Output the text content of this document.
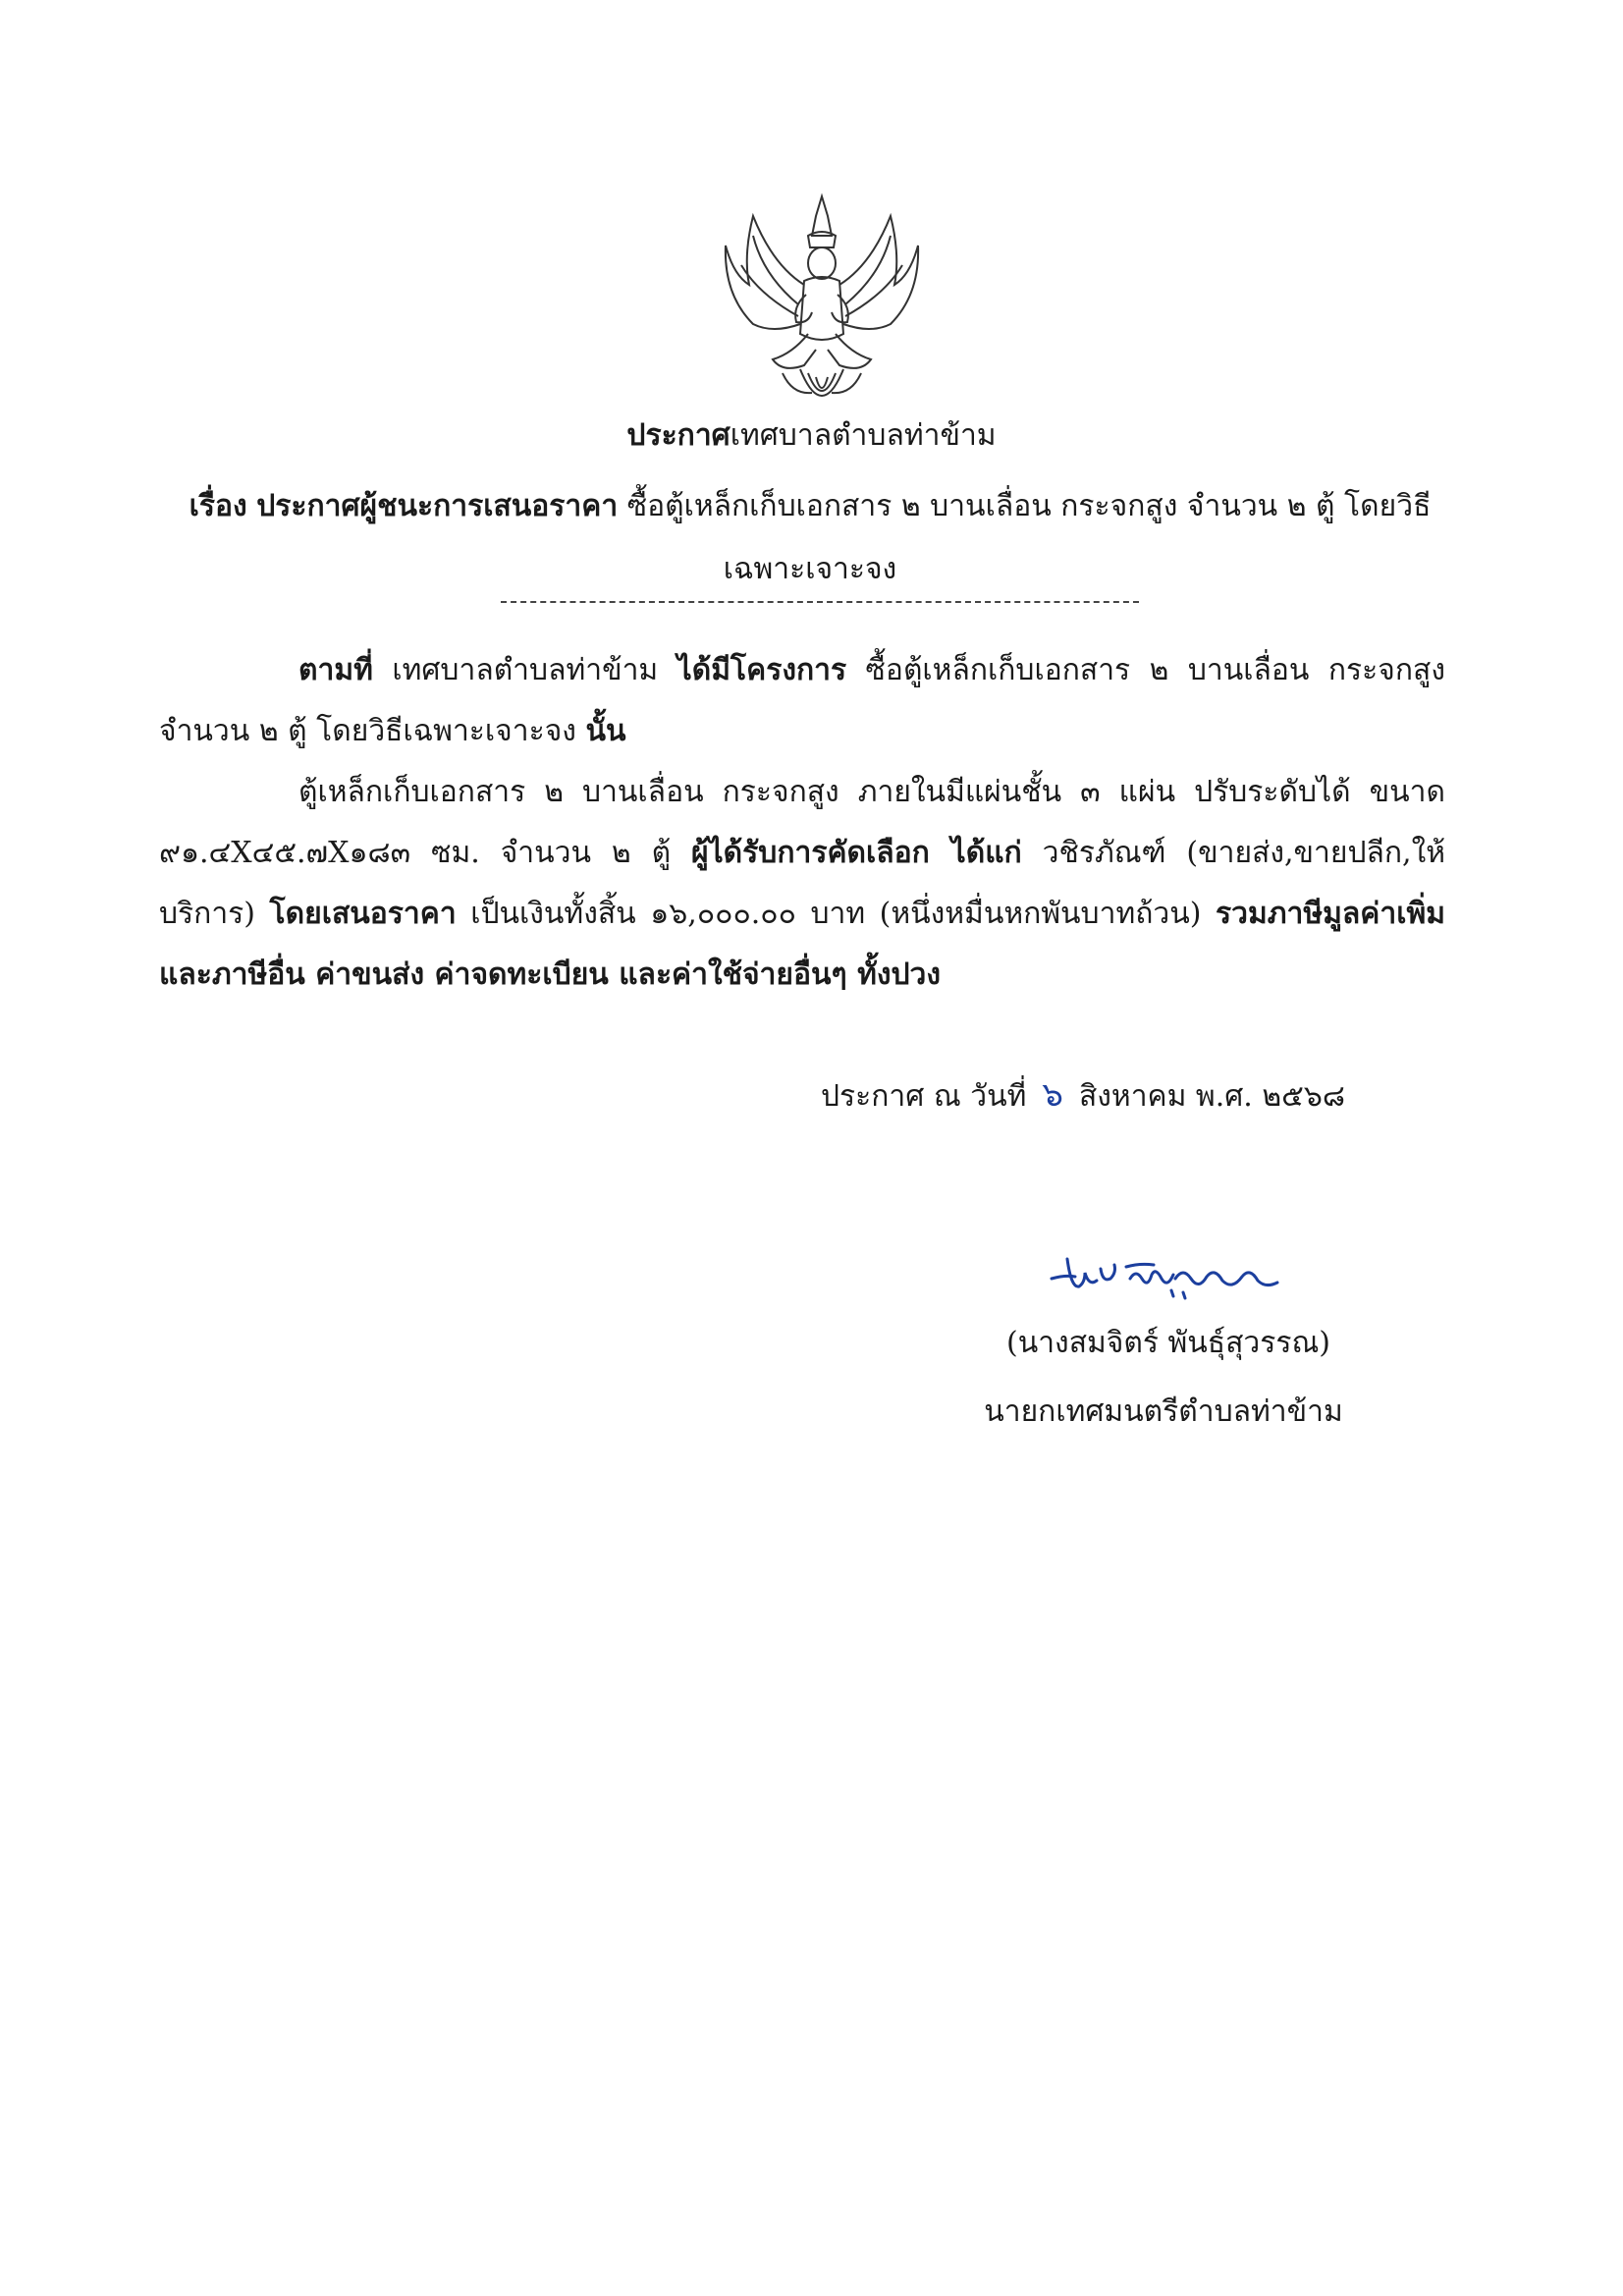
ประกาศเทศบาลตำบลท่าข้าม
เรื่อง ประกาศผู้ชนะการเสนอราคา ซื้อตู้เหล็กเก็บเอกสาร ๒ บานเลื่อน กระจกสูง จำนวน ๒ ตู้ โดยวิธีเฉพาะเจาะจง

ตามที่ เทศบาลตำบลท่าข้าม ได้มีโครงการ ซื้อตู้เหล็กเก็บเอกสาร ๒ บานเลื่อน กระจกสูง จำนวน ๒ ตู้ โดยวิธีเฉพาะเจาะจง นั้น

ตู้เหล็กเก็บเอกสาร ๒ บานเลื่อน กระจกสูง ภายในมีแผ่นชั้น ๓ แผ่น ปรับระดับได้ ขนาด ๙๑.๔X๔๕.๗X๑๘๓ ซม. จำนวน ๒ ตู้ ผู้ได้รับการคัดเลือก ได้แก่ วชิรภัณฑ์ (ขายส่ง,ขายปลีก,ให้บริการ) โดยเสนอราคา เป็นเงินทั้งสิ้น ๑๖,๐๐๐.๐๐ บาท (หนึ่งหมื่นหกพันบาทถ้วน) รวมภาษีมูลค่าเพิ่มและภาษีอื่น ค่าขนส่ง ค่าจดทะเบียน และค่าใช้จ่ายอื่นๆ ทั้งปวง

ประกาศ ณ วันที่ ๖ สิงหาคม พ.ศ. ๒๕๖๘
(นางสมจิตร์ พันธุ์สุวรรณ)
นายกเทศมนตรีตำบลท่าข้าม
